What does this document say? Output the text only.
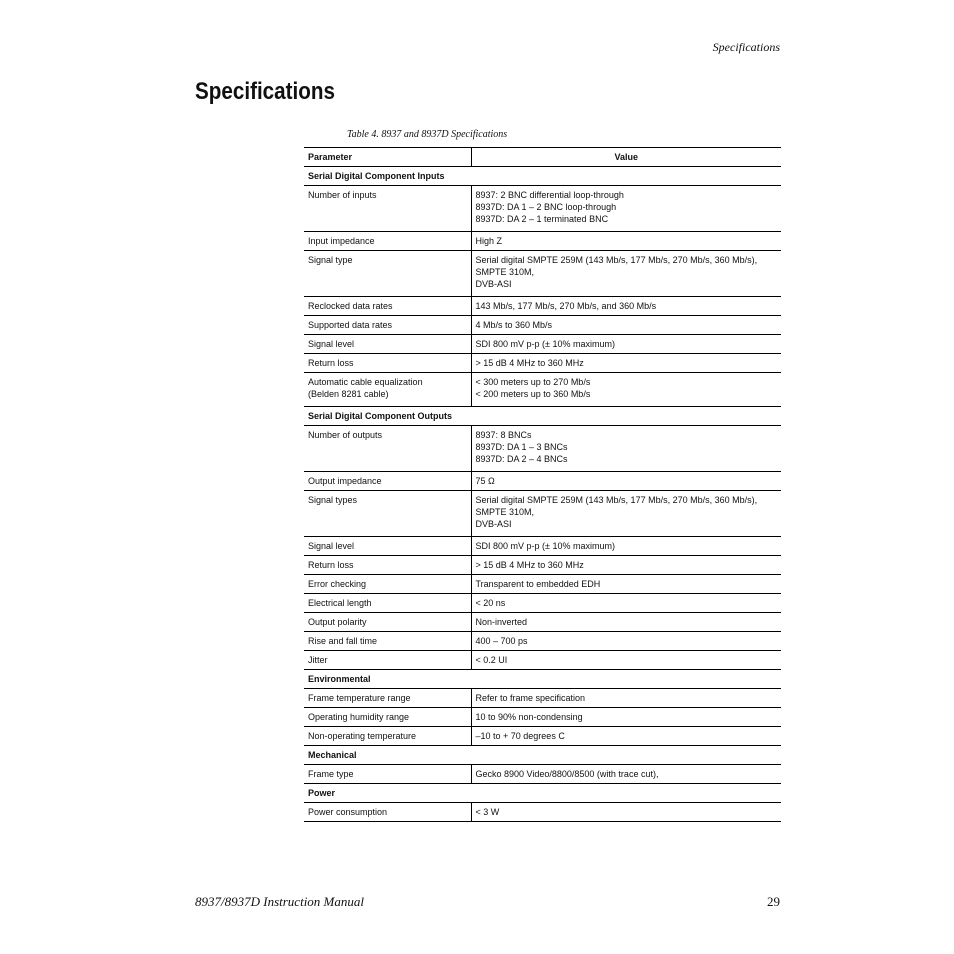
Specifications
Specifications
Table 4. 8937 and 8937D Specifications
Parameter	Value
Serial Digital Component Inputs	
Number of inputs	8937: 2 BNC differential loop-through
8937D: DA 1 – 2 BNC loop-through
8937D: DA 2 – 1 terminated BNC
Input impedance	High Z
Signal type	Serial digital SMPTE 259M (143 Mb/s, 177 Mb/s, 270 Mb/s, 360 Mb/s),
SMPTE 310M,
DVB-ASI
Reclocked data rates	143 Mb/s, 177 Mb/s, 270 Mb/s, and 360 Mb/s
Supported data rates	4 Mb/s to 360 Mb/s
Signal level	SDI 800 mV p-p (± 10% maximum)
Return loss	> 15 dB 4 MHz to 360 MHz
Automatic cable equalization
(Belden 8281 cable)	< 300 meters up to 270 Mb/s
< 200 meters up to 360 Mb/s
Serial Digital Component Outputs	
Number of outputs	8937: 8 BNCs
8937D: DA 1 – 3 BNCs
8937D: DA 2 – 4 BNCs
Output impedance	75 Ω
Signal types	Serial digital SMPTE 259M (143 Mb/s, 177 Mb/s, 270 Mb/s, 360 Mb/s),
SMPTE 310M,
DVB-ASI
Signal level	SDI 800 mV p-p (± 10% maximum)
Return loss	> 15 dB 4 MHz to 360 MHz
Error checking	Transparent to embedded EDH
Electrical length	< 20 ns
Output polarity	Non-inverted
Rise and fall time	400 – 700 ps
Jitter	< 0.2 UI
Environmental	
Frame temperature range	Refer to frame specification
Operating humidity range	10 to 90% non-condensing
Non-operating temperature	–10 to + 70 degrees C
Mechanical	
Frame type	Gecko 8900 Video/8800/8500 (with trace cut),
Power	
Power consumption	< 3 W
8937/8937D Instruction Manual	29
